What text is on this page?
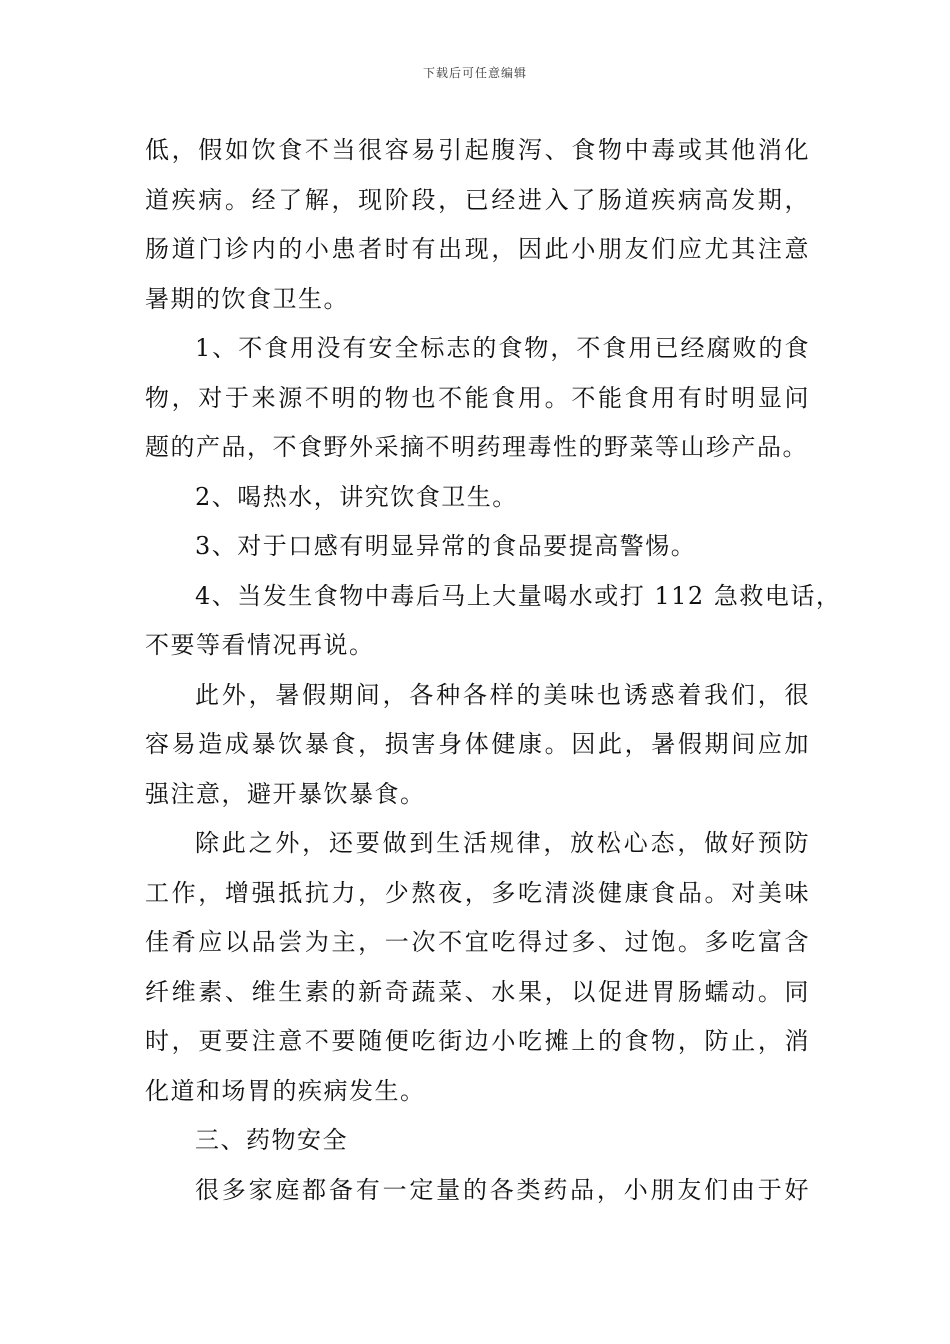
下载后可任意编辑
低，假如饮食不当很容易引起腹泻、食物中毒或其他消化
道疾病。经了解，现阶段，已经进入了肠道疾病高发期，
肠道门诊内的小患者时有出现，因此小朋友们应尤其注意
暑期的饮食卫生。
1、不食用没有安全标志的食物，不食用已经腐败的食
物，对于来源不明的物也不能食用。不能食用有时明显问
题的产品，不食野外采摘不明药理毒性的野菜等山珍产品。
2、喝热水，讲究饮食卫生。
3、对于口感有明显异常的食品要提高警惕。
4、当发生食物中毒后马上大量喝水或打 112 急救电话，
不要等看情况再说。
此外，暑假期间，各种各样的美味也诱惑着我们，很
容易造成暴饮暴食，损害身体健康。因此，暑假期间应加
强注意，避开暴饮暴食。
除此之外，还要做到生活规律，放松心态，做好预防
工作，增强抵抗力，少熬夜，多吃清淡健康食品。对美味
佳肴应以品尝为主，一次不宜吃得过多、过饱。多吃富含
纤维素、维生素的新奇蔬菜、水果，以促进胃肠蠕动。同
时，更要注意不要随便吃街边小吃摊上的食物，防止，消
化道和场胃的疾病发生。
三、药物安全
很多家庭都备有一定量的各类药品，小朋友们由于好
